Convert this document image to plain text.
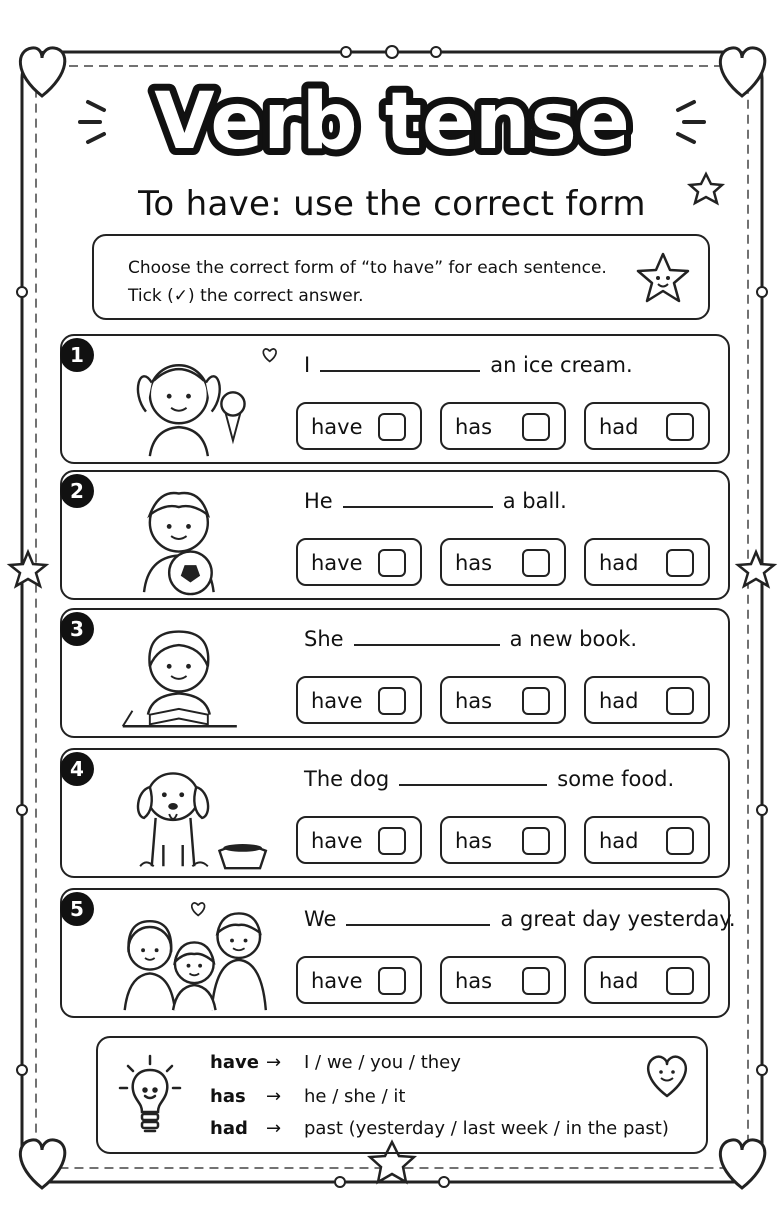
Verb tense
To have: use the correct form
Choose the correct form of “to have” for each sentence.
Tick (✓) the correct answer.
1	I	an ice cream.
have	has	had
2	He	a ball.
have	has	had
3	She	a new book.
have	has	had
4	The dog	some food.
have	has	had
5	We	a great day yesterday.
have	has	had
have → I / we / you / they
has → he / she / it
had → past (yesterday / last week / in the past)
